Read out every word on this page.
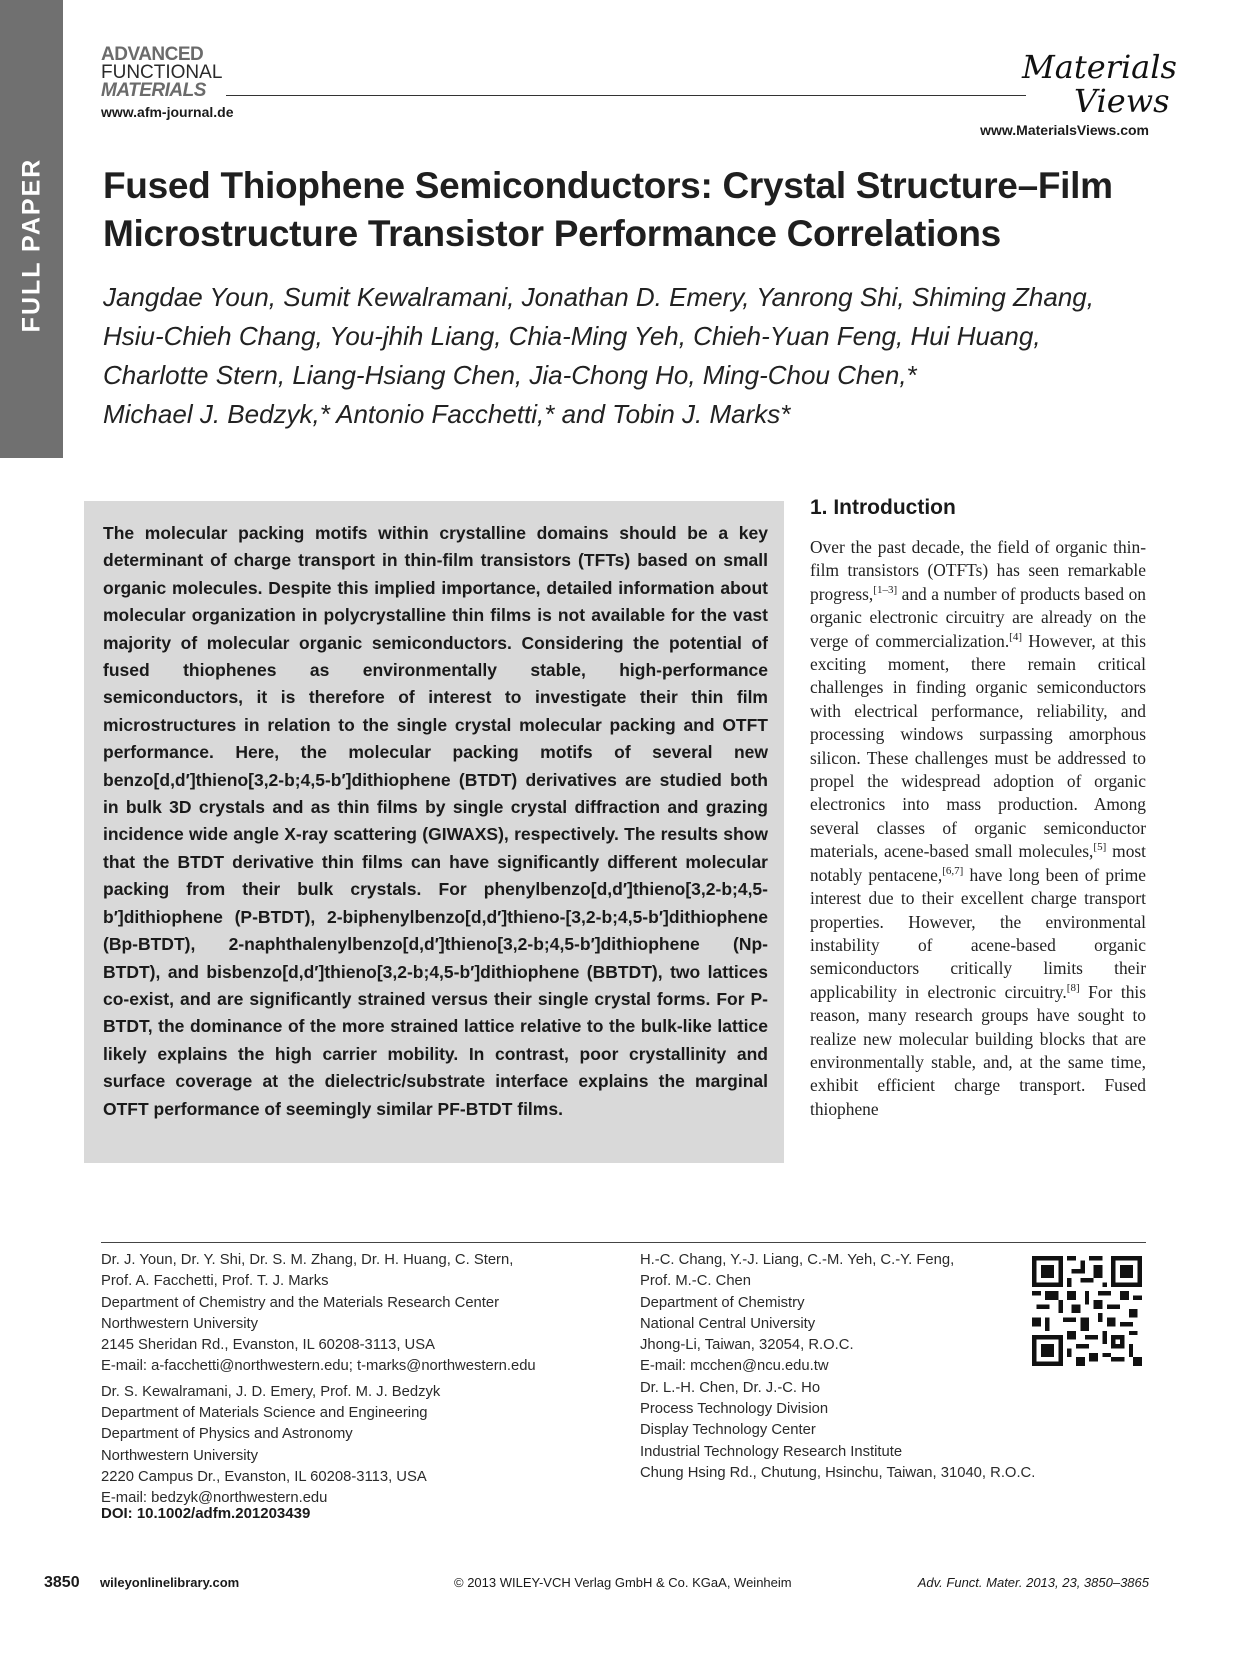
FULL PAPER
ADVANCED
FUNCTIONAL
MATERIALS
www.afm-journal.de
Materials
Views
www.MaterialsViews.com
Fused Thiophene Semiconductors: Crystal Structure–Film Microstructure Transistor Performance Correlations

Jangdae Youn, Sumit Kewalramani, Jonathan D. Emery, Yanrong Shi, Shiming Zhang,
Hsiu-Chieh Chang, You-jhih Liang, Chia-Ming Yeh, Chieh-Yuan Feng, Hui Huang,
Charlotte Stern, Liang-Hsiang Chen, Jia-Chong Ho, Ming-Chou Chen,*
Michael J. Bedzyk,* Antonio Facchetti,* and Tobin J. Marks*

The molecular packing motifs within crystalline domains should be a key determinant of charge transport in thin-film transistors (TFTs) based on small organic molecules. Despite this implied importance, detailed information about molecular organization in polycrystalline thin films is not available for the vast majority of molecular organic semiconductors. Considering the potential of fused thiophenes as environmentally stable, high-performance semiconductors, it is therefore of interest to investigate their thin film microstructures in relation to the single crystal molecular packing and OTFT performance. Here, the molecular packing motifs of several new benzo[d,d′]thieno[3,2-b;4,5-b′]dithiophene (BTDT) derivatives are studied both in bulk 3D crystals and as thin films by single crystal diffraction and grazing incidence wide angle X-ray scattering (GIWAXS), respectively. The results show that the BTDT derivative thin films can have significantly different molecular packing from their bulk crystals. For phenylbenzo[d,d′]thieno[3,2-b;4,5-b′]dithiophene (P-BTDT), 2-biphenylbenzo[d,d′]thieno-[3,2-b;4,5-b′]dithiophene (Bp-BTDT), 2-naphthalenylbenzo[d,d′]thieno[3,2-b;4,5-b′]dithiophene (Np-BTDT), and bisbenzo[d,d′]thieno[3,2-b;4,5-b′]dithiophene (BBTDT), two lattices co-exist, and are significantly strained versus their single crystal forms. For P-BTDT, the dominance of the more strained lattice relative to the bulk-like lattice likely explains the high carrier mobility. In contrast, poor crystallinity and surface coverage at the dielectric/substrate interface explains the marginal OTFT performance of seemingly similar PF-BTDT films.

1. Introduction

Over the past decade, the field of organic thin-film transistors (OTFTs) has seen remarkable progress,[1–3] and a number of products based on organic electronic circuitry are already on the verge of commercialization.[4] However, at this exciting moment, there remain critical challenges in finding organic semiconductors with electrical performance, reliability, and processing windows surpassing amorphous silicon. These challenges must be addressed to propel the widespread adoption of organic electronics into mass production. Among several classes of organic semiconductor materials, acene-based small molecules,[5] most notably pentacene,[6,7] have long been of prime interest due to their excellent charge transport properties. However, the environmental instability of acene-based organic semiconductors critically limits their applicability in electronic circuitry.[8] For this reason, many research groups have sought to realize new molecular building blocks that are environmentally stable, and, at the same time, exhibit efficient charge transport. Fused thiophene

Dr. J. Youn, Dr. Y. Shi, Dr. S. M. Zhang, Dr. H. Huang, C. Stern,

Prof. A. Facchetti, Prof. T. J. Marks

Department of Chemistry and the Materials Research Center

Northwestern University

2145 Sheridan Rd., Evanston, IL 60208-3113, USA

E-mail: a-facchetti@northwestern.edu; t-marks@northwestern.edu

Dr. S. Kewalramani, J. D. Emery, Prof. M. J. Bedzyk

Department of Materials Science and Engineering

Department of Physics and Astronomy

Northwestern University

2220 Campus Dr., Evanston, IL 60208-3113, USA

E-mail: bedzyk@northwestern.edu

H.-C. Chang, Y.-J. Liang, C.-M. Yeh, C.-Y. Feng,

Prof. M.-C. Chen

Department of Chemistry

National Central University

Jhong-Li, Taiwan, 32054, R.O.C.

E-mail: mcchen@ncu.edu.tw

Dr. L.-H. Chen, Dr. J.-C. Ho

Process Technology Division

Display Technology Center

Industrial Technology Research Institute

Chung Hsing Rd., Chutung, Hsinchu, Taiwan, 31040, R.O.C.

DOI: 10.1002/adfm.201203439
3850 wileyonlinelibrary.com	© 2013 WILEY-VCH Verlag GmbH & Co. KGaA, Weinheim	Adv. Funct. Mater. 2013, 23, 3850–3865
